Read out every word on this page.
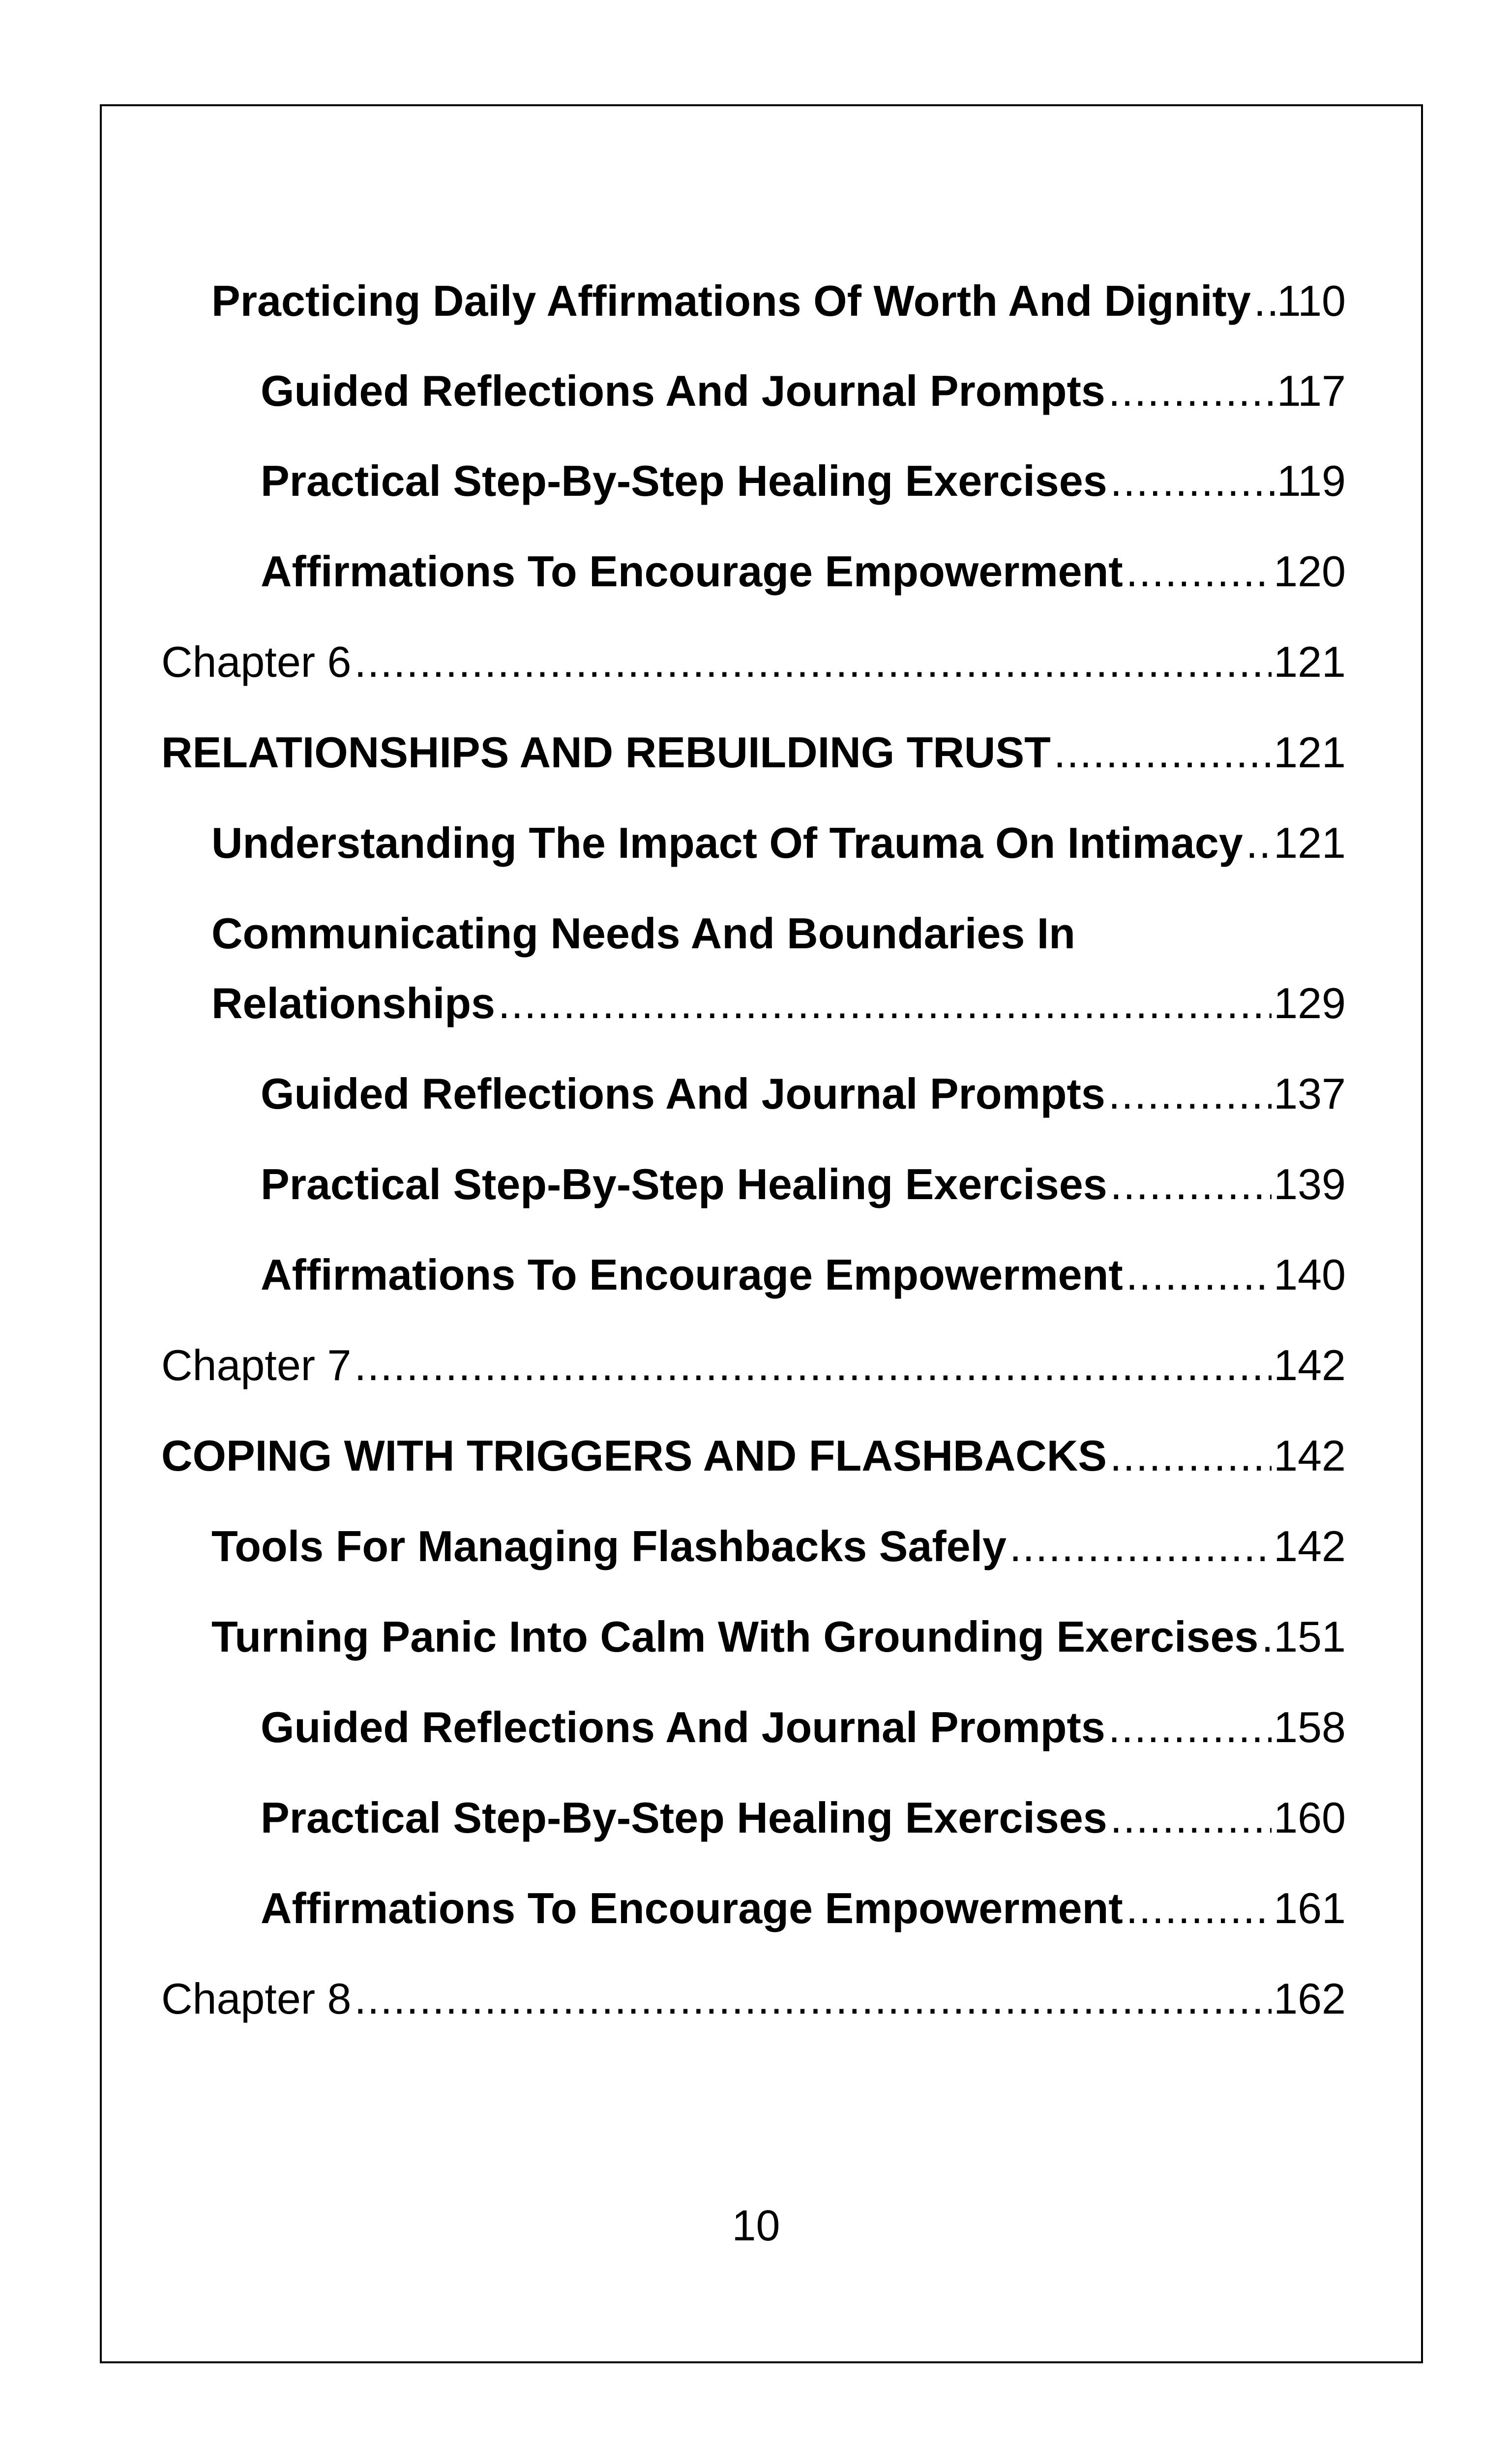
Practicing Daily Affirmations Of Worth And Dignity ..... 110
Guided Reflections And Journal Prompts .....	117
Practical Step-By-Step Healing Exercises .....	119
Affirmations To Encourage Empowerment .....	120
Chapter 6 .....	121
RELATIONSHIPS AND REBUILDING TRUST .....	121
Understanding The Impact Of Trauma On Intimacy ..... 121
Communicating Needs And Boundaries In
Relationships .....	129
Guided Reflections And Journal Prompts .....	137
Practical Step-By-Step Healing Exercises .....	139
Affirmations To Encourage Empowerment .....	140
Chapter 7 .....	142
COPING WITH TRIGGERS AND FLASHBACKS .....	142
Tools For Managing Flashbacks Safely .....	142
Turning Panic Into Calm With Grounding Exercises ..... 151
Guided Reflections And Journal Prompts .....	158
Practical Step-By-Step Healing Exercises .....	160
Affirmations To Encourage Empowerment .....	161
Chapter 8 .....	162
10
